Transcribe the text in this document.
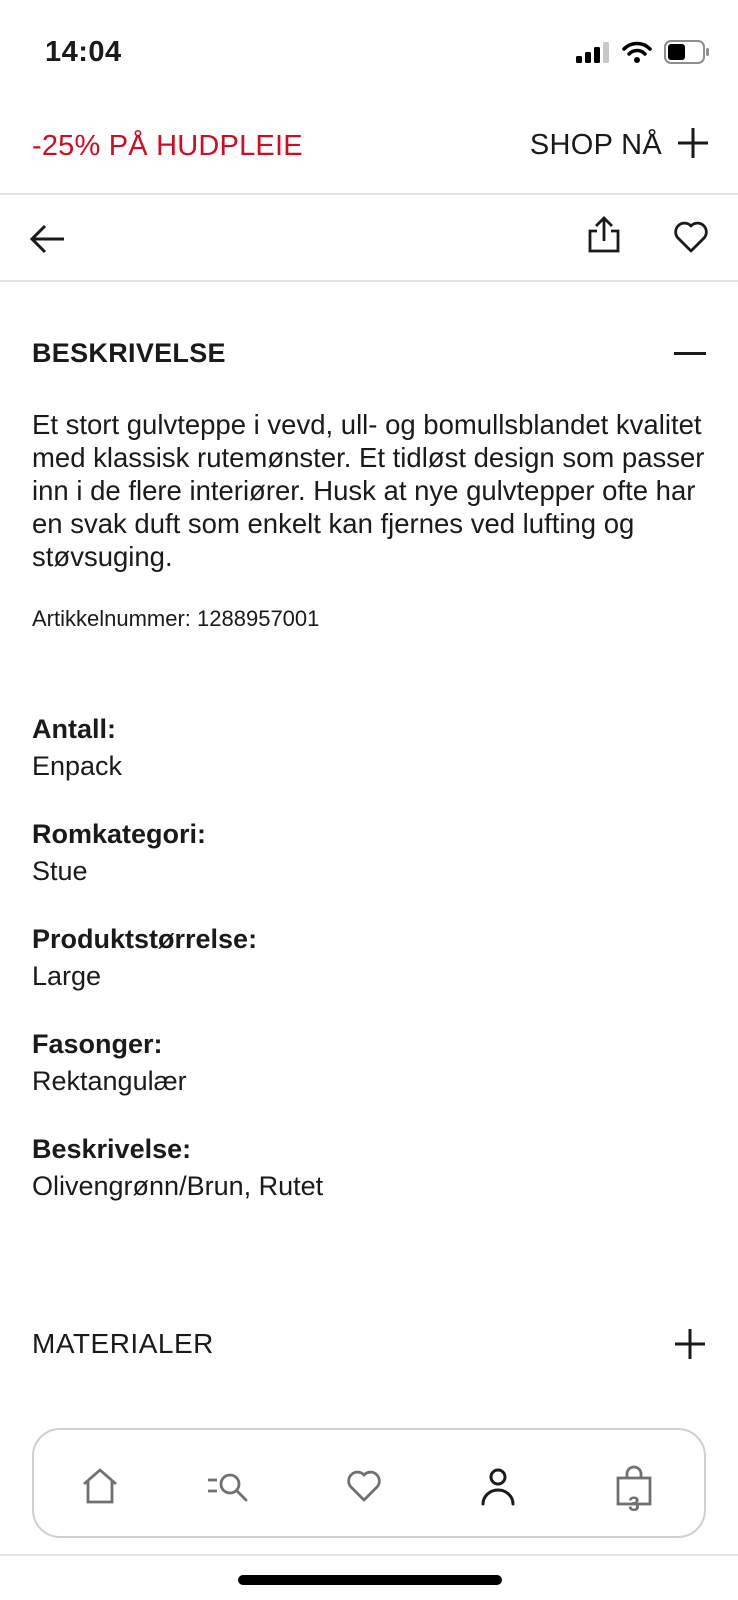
14:04
-25% PÅ HUDPLEIE	SHOP NÅ
BESKRIVELSE

Et stort gulvteppe i vevd, ull- og bomullsblandet kvalitet med klassisk rutemønster. Et tidløst design som passer inn i de flere interiører. Husk at nye gulvtepper ofte har en svak duft som enkelt kan fjernes ved lufting og støvsuging.

Artikkelnummer: 1288957001
Antall:
Enpack
Romkategori:
Stue
Produktstørrelse:
Large
Fasonger:
Rektangulær
Beskrivelse:
Olivengrønn/Brun, Rutet
MATERIALER
3
